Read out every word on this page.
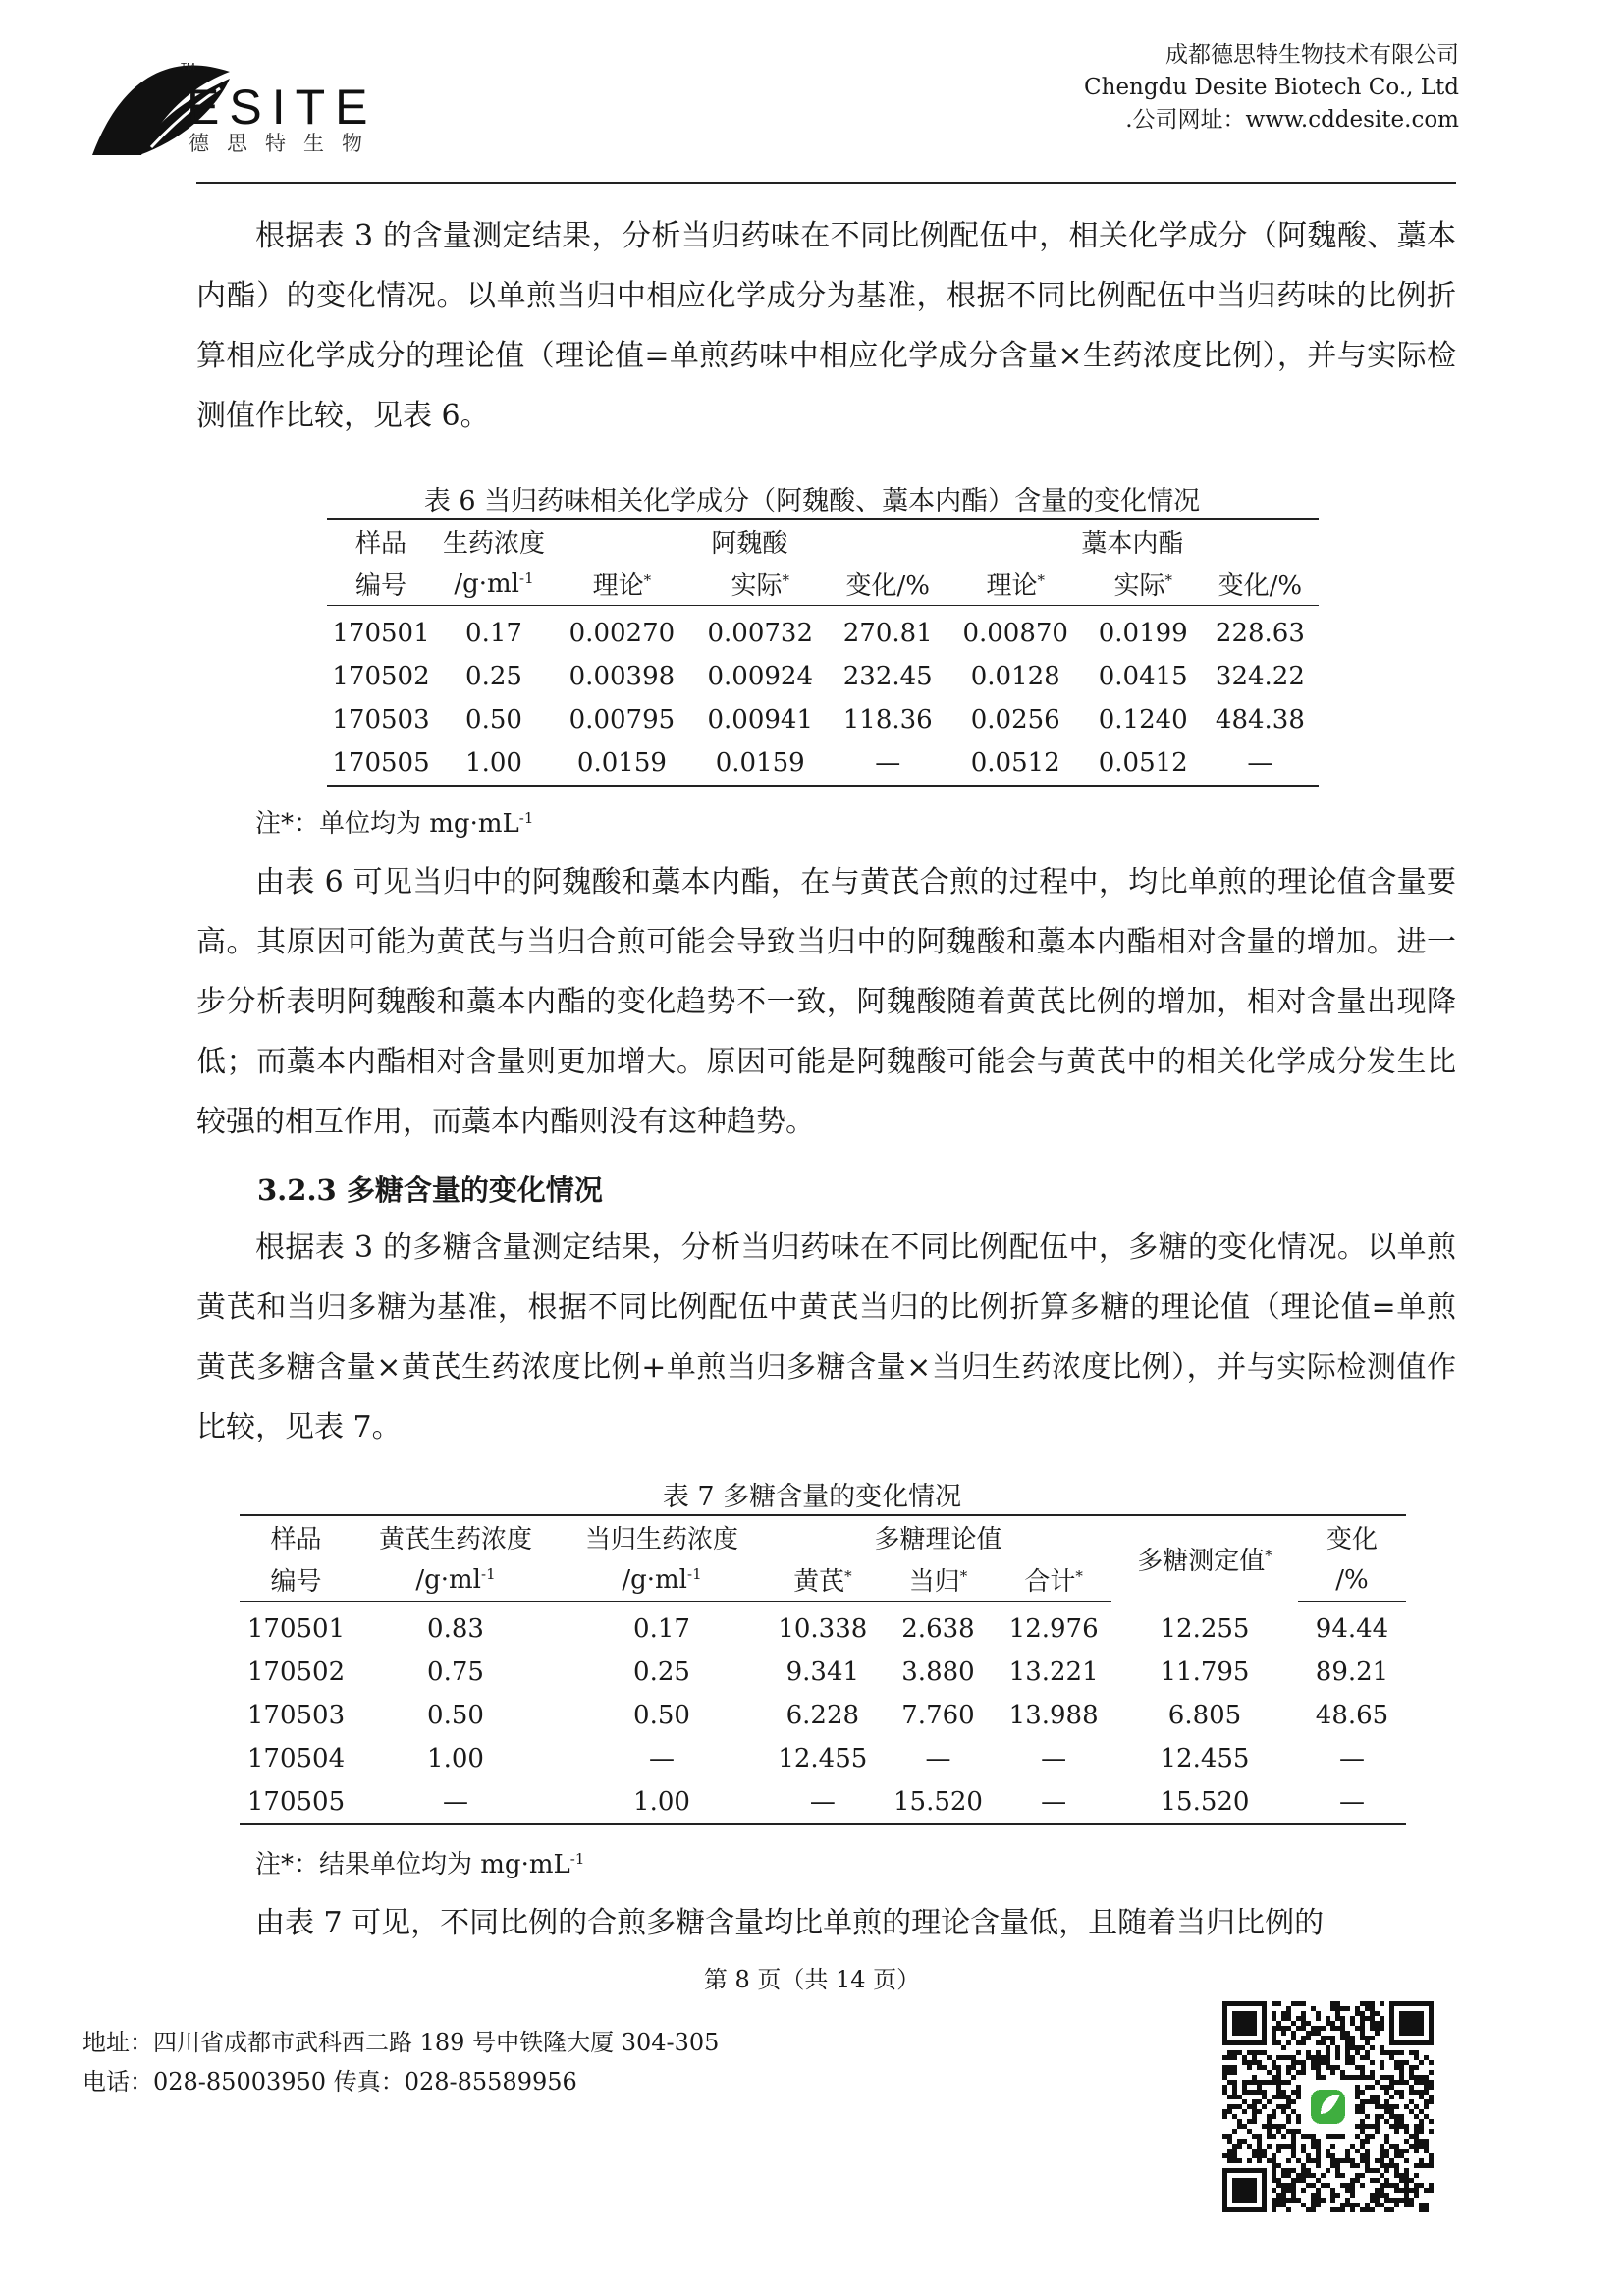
TM
ESITE
德思特生物
成都德思特生物技术有限公司
Chengdu Desite Biotech Co., Ltd
.公司网址：www.cddesite.com
根据表 3 的含量测定结果，分析当归药味在不同比例配伍中，相关化学成分（阿魏酸、藁本内酯）的变化情况。以单煎当归中相应化学成分为基准，根据不同比例配伍中当归药味的比例折算相应化学成分的理论值（理论值=单煎药味中相应化学成分含量×生药浓度比例），并与实际检测值作比较，见表 6。
表 6 当归药味相关化学成分（阿魏酸、藁本内酯）含量的变化情况
样品	生药浓度	阿魏酸			藁本内酯		
编号	$/g\cdot ml^{-1}$	理论*	实际*	变化/%	理论*	实际*	变化/%
170501	0.17	0.00270	0.00732	270.81	0.00870	0.0199	228.63
170502	0.25	0.00398	0.00924	232.45	0.0128	0.0415	324.22
170503	0.50	0.00795	0.00941	118.36	0.0256	0.1240	484.38
170505	1.00	0.0159	0.0159	—	0.0512	0.0512	—
注*：单位均为 $mg\cdot mL^{-1}$
由表 6 可见当归中的阿魏酸和藁本内酯，在与黄芪合煎的过程中，均比单煎的理论值含量要高。其原因可能为黄芪与当归合煎可能会导致当归中的阿魏酸和藁本内酯相对含量的增加。进一步分析表明阿魏酸和藁本内酯的变化趋势不一致，阿魏酸随着黄芪比例的增加，相对含量出现降低；而藁本内酯相对含量则更加增大。原因可能是阿魏酸可能会与黄芪中的相关化学成分发生比较强的相互作用，而藁本内酯则没有这种趋势。
3.2.3 多糖含量的变化情况
根据表 3 的多糖含量测定结果，分析当归药味在不同比例配伍中，多糖的变化情况。以单煎黄芪和当归多糖为基准，根据不同比例配伍中黄芪当归的比例折算多糖的理论值（理论值=单煎黄芪多糖含量×黄芪生药浓度比例+单煎当归多糖含量×当归生药浓度比例），并与实际检测值作比较，见表 7。
表 7 多糖含量的变化情况
样品	黄芪生药浓度	当归生药浓度	多糖理论值			多糖测定值*	变化
编号	$/g\cdot ml^{-1}$	$/g\cdot ml^{-1}$	黄芪*	当归*	合计*		/%
170501	0.83	0.17	10.338	2.638	12.976	12.255	94.44
170502	0.75	0.25	9.341	3.880	13.221	11.795	89.21
170503	0.50	0.50	6.228	7.760	13.988	6.805	48.65
170504	1.00	—	12.455	—	—	12.455	—
170505	—	1.00	—	15.520	—	15.520	—
注*：结果单位均为 $mg\cdot mL^{-1}$
由表 7 可见，不同比例的合煎多糖含量均比单煎的理论含量低，且随着当归比例的
第 8 页（共 14 页）
地址：四川省成都市武科西二路 189 号中铁隆大厦 304-305
电话：028-85003950 传真：028-85589956
